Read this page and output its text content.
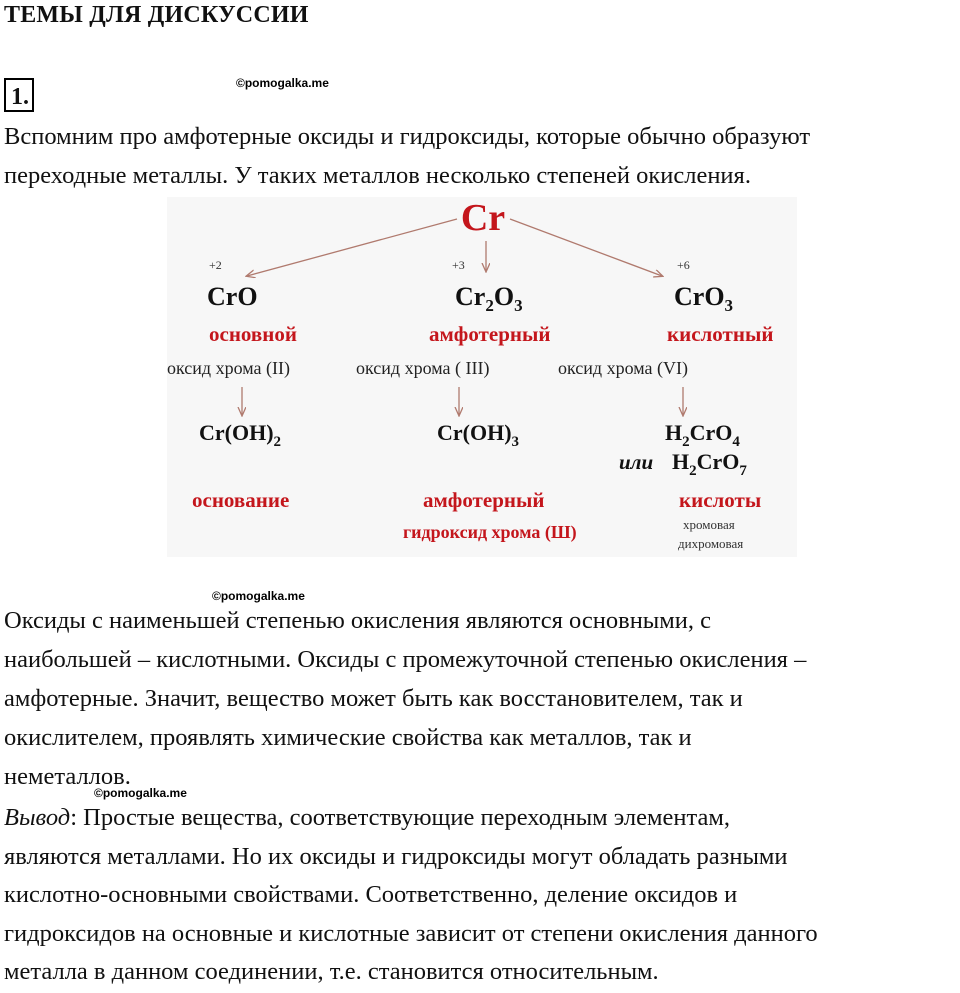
ТЕМЫ ДЛЯ ДИСКУССИИ
1.
©pomogalka.me

Вспомним про амфотерные оксиды и гидроксиды, которые обычно образуют
переходные металлы. У таких металлов несколько степеней окисления.

Cr
+2	+3	+6
CrO	$Cr_2O_3$	CrO$_3$
основной	амфотерный	кислотный
оксид хрома (II)	оксид хрома ( III)	оксид хрома (VI)
$Cr(OH)_2$	$Cr(OH)_3$	$H_2CrO_4$
или $H_2CrO_7$
основание	амфотерный	кислоты
гидроксид хрома (Ш)	хромовая
дихромовая
©pomogalka.me

Оксиды с наименьшей степенью окисления являются основными, с
наибольшей – кислотными. Оксиды с промежуточной степенью окисления –
амфотерные. Значит, вещество может быть как восстановителем, так и
окислителем, проявлять химические свойства как металлов, так и
неметаллов.

©pomogalka.me

Вывод: Простые вещества, соответствующие переходным элементам,
являются металлами. Но их оксиды и гидроксиды могут обладать разными
кислотно-основными свойствами. Соответственно, деление оксидов и
гидроксидов на основные и кислотные зависит от степени окисления данного
металла в данном соединении, т.е. становится относительным.
